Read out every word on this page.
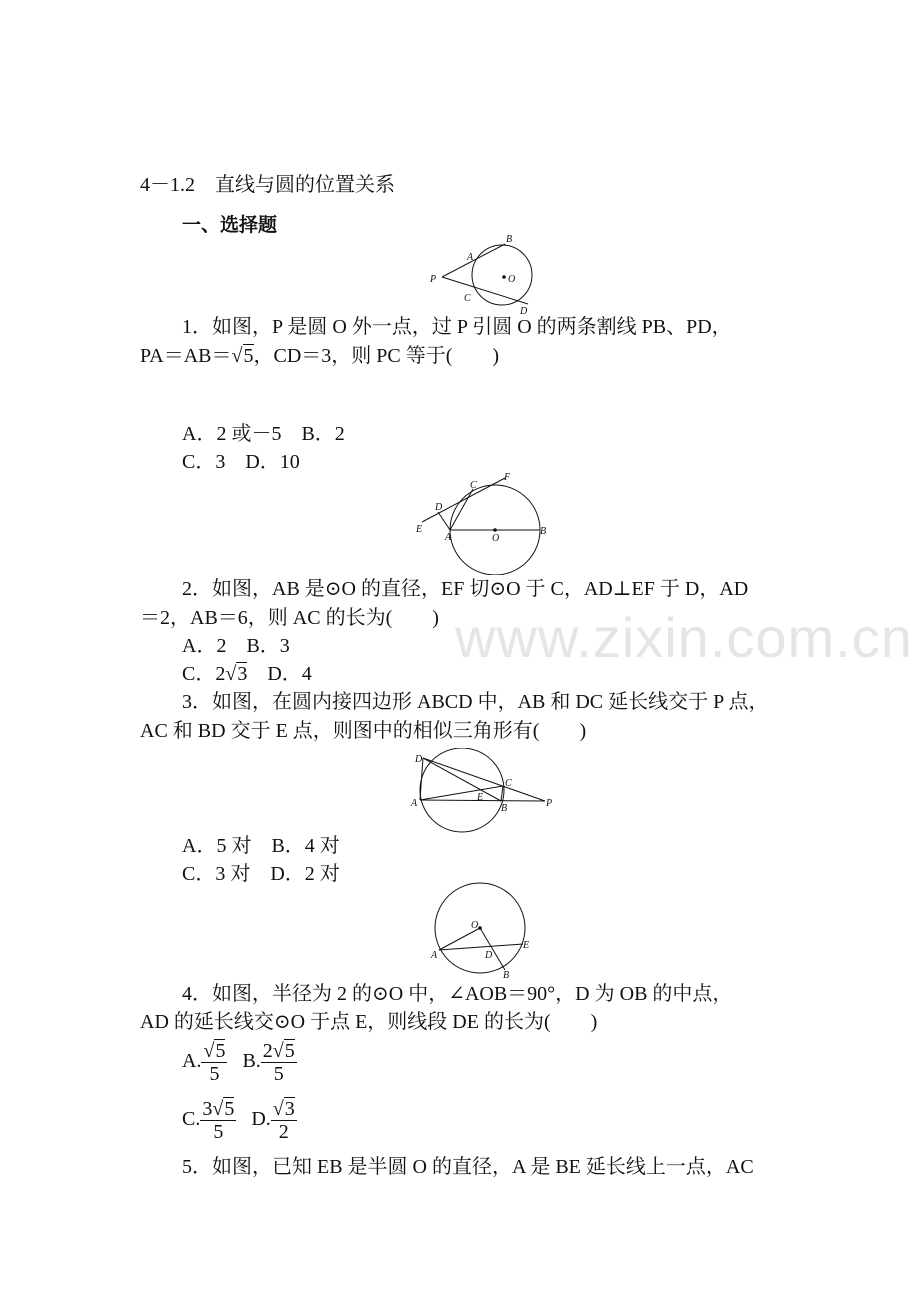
www.zixin.com.cn
4－1.2　直线与圆的位置关系
一、选择题
B
A
P	O
C
D
1．如图，P 是圆 O 外一点，过 P 引圆 O 的两条割线 PB、PD，
PA＝AB＝√5，CD＝3，则 PC 等于(　　)
A．2 或－5　B．2
C．3　D．10
F
C
D
E
A	O
B
2．如图，AB 是⊙O 的直径，EF 切⊙O 于 C，AD⊥EF 于 D，AD
＝2，AB＝6，则 AC 的长为(　　)
A．2　B．3
C．2√3　D．4
3．如图，在圆内接四边形 ABCD 中，AB 和 DC 延长线交于 P 点，
AC 和 BD 交于 E 点，则图中的相似三角形有(　　)
D
C
E
A	B	P
A．5 对　B．4 对
C．3 对　D．2 对
O
A	D
E
B
4．如图，半径为 2 的⊙O 中，∠AOB＝90°，D 为 OB 的中点，
AD 的延长线交⊙O 于点 E，则线段 DE 的长为(　　)
A. $\frac{√5}{5} B$. $\frac{2√5}{5}$
C. $\frac{3√5}{5} D$. $\frac{√3}{2}$
5．如图，已知 EB 是半圆 O 的直径，A 是 BE 延长线上一点，AC
